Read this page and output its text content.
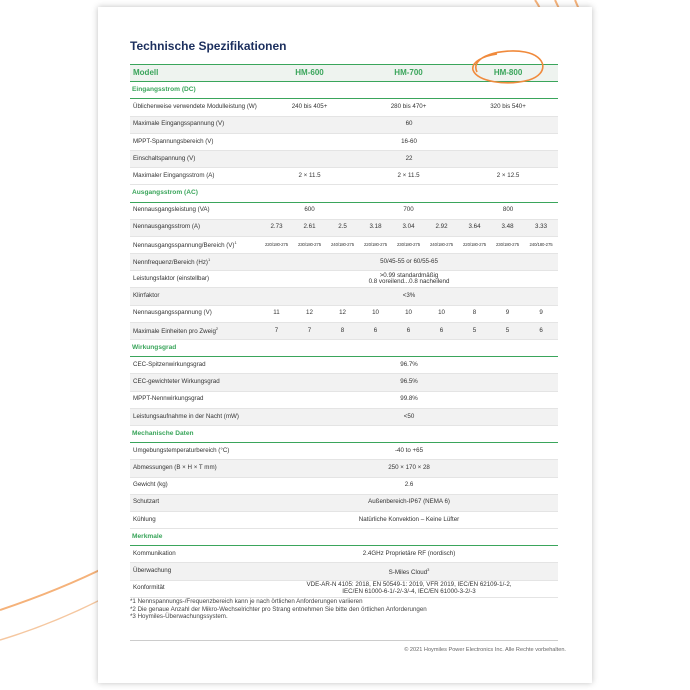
Technische Spezifikationen
Modell	HM-600			HM-700			HM-800		
Eingangsstrom (DC)									
Üblicherweise verwendete Modulleistung (W)	240 bis 405+			280 bis 470+			320 bis 540+		
Maximale Eingangsspannung (V)	60								
MPPT-Spannungsbereich (V)	16-60								
Einschaltspannung (V)	22								
Maximaler Eingangsstrom (A)	2 × 11.5			2 × 11.5			2 × 12.5		
Ausgangsstrom (AC)									
Nennausgangsleistung (VA)	600			700			800		
Nennausgangsstrom (A)	2.73	2.61	2.5	3.18	3.04	2.92	3.64	3.48	3.33
Nennausgangsspannung/Bereich $(V)^1$	220/180-275	230/180-275	240/180-275	220/180-275	230/180-275	240/180-275	220/180-275	230/180-275	240/180-275
Nennfrequenz/Bereich $(Hz)^1$	50/45-55 or 60/55-65								
Leistungsfaktor (einstellbar)	>0.99 standardmäßig
0.8 voreilend...0.8 nacheilend								
Klirrfaktor	<3%								
Nennausgangsspannung (V)	11	12	12	10	10	10	8	9	9
Maximale Einheiten pro Zweig$^2$	7	7	8	6	6	6	5	5	6
Wirkungsgrad									
CEC-Spitzenwirkungsgrad	96.7%								
CEC-gewichteter Wirkungsgrad	96.5%								
MPPT-Nennwirkungsgrad	99.8%								
Leistungsaufnahme in der Nacht (mW)	<50								
Mechanische Daten									
Umgebungstemperaturbereich (°C)	-40 to +65								
Abmessungen (B × H × T mm)	250 × 170 × 28								
Gewicht (kg)	2.6								
Schutzart	Außenbereich-IP67 (NEMA 6)								
Kühlung	Natürliche Konvektion – Keine Lüfter								
Merkmale									
Kommunikation	2.4GHz Proprietäre RF (nordisch)								
Überwachung	S-Miles Cloud$^3$
Konformität	VDE-AR-N 4105: 2018, EN 50549-1: 2019, VFR 2019, IEC/EN 62109-1/-2,
IEC/EN 61000-6-1/-2/-3/-4, IEC/EN 61000-3-2/-3								
*1 Nennspannungs-/Frequenzbereich kann je nach örtlichen Anforderungen variieren
*2 Die genaue Anzahl der Mikro-Wechselrichter pro Strang entnehmen Sie bitte den örtlichen Anforderungen
*3 Hoymiles-Überwachungssystem.
© 2021 Hoymiles Power Electronics Inc. Alle Rechte vorbehalten.
